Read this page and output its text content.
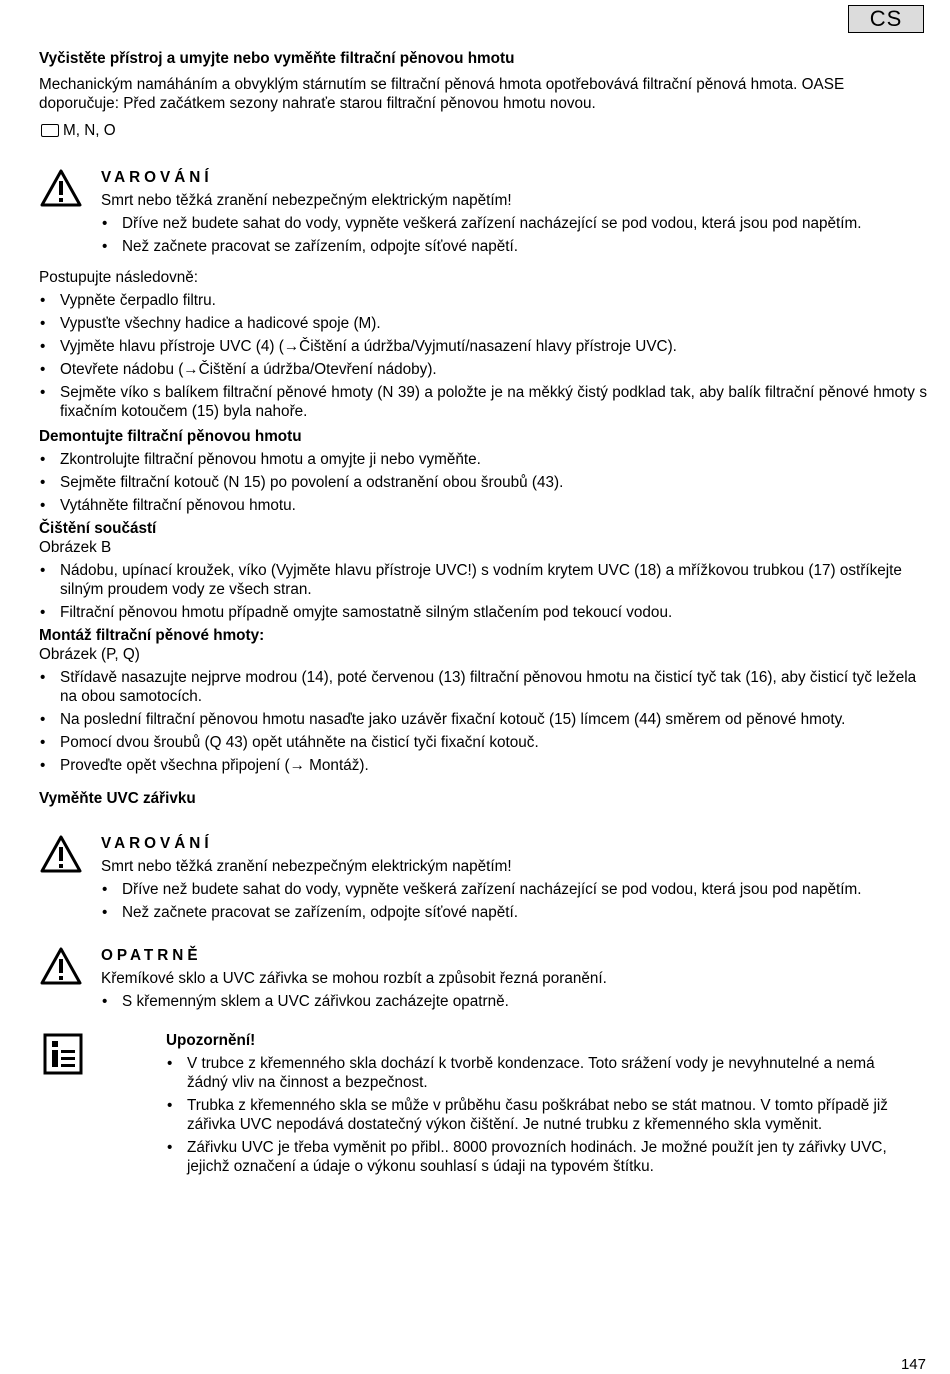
CS

Vyčistěte přístroj a umyjte nebo vyměňte filtrační pěnovou hmotu

Mechanickým namáháním a obvyklým stárnutím se filtrační pěnová hmota opotřebovává filtrační pěnová hmota. OASE doporučuje: Před začátkem sezony nahraťe starou filtrační pěnovou hmotu novou.

M, N, O
VAROVÁNÍ

Smrt nebo těžká zranění nebezpečným elektrickým napětím!

• Dříve než budete sahat do vody, vypněte veškerá zařízení nacházející se pod vodou, která jsou pod napětím.
• Než začnete pracovat se zařízením, odpojte síťové napětí.

Postupujte následovně:

• Vypněte čerpadlo filtru.
• Vypusťte všechny hadice a hadicové spoje (M).
• Vyjměte hlavu přístroje UVC (4) (→Čištění a údržba/Vyjmutí/nasazení hlavy přístroje UVC).
• Otevřete nádobu (→Čištění a údržba/Otevření nádoby).
• Sejměte víko s balíkem filtrační pěnové hmoty (N 39) a položte je na měkký čistý podklad tak, aby balík filtrační pěnové hmoty s fixačním kotoučem (15) byla nahoře.

Demontujte filtrační pěnovou hmotu

• Zkontrolujte filtrační pěnovou hmotu a omyjte ji nebo vyměňte.
• Sejměte filtrační kotouč (N 15) po povolení a odstranění obou šroubů (43).
• Vytáhněte filtrační pěnovou hmotu.

Čištění součástí

Obrázek B

• Nádobu, upínací kroužek, víko (Vyjměte hlavu přístroje UVC!) s vodním krytem UVC (18) a mřížkovou trubkou (17) ostříkejte silným proudem vody ze všech stran.
• Filtrační pěnovou hmotu případně omyjte samostatně silným stlačením pod tekoucí vodou.

Montáž filtrační pěnové hmoty:

Obrázek (P, Q)

• Střídavě nasazujte nejprve modrou (14), poté červenou (13) filtrační pěnovou hmotu na čisticí tyč tak (16), aby čisticí tyč ležela na obou samotocích.
• Na poslední filtrační pěnovou hmotu nasaďte jako uzávěr fixační kotouč (15) límcem (44) směrem od pěnové hmoty.
• Pomocí dvou šroubů (Q 43) opět utáhněte na čisticí tyči fixační kotouč.
• Proveďte opět všechna připojení (→ Montáž).

Vyměňte UVC zářivku

VAROVÁNÍ

Smrt nebo těžká zranění nebezpečným elektrickým napětím!

• Dříve než budete sahat do vody, vypněte veškerá zařízení nacházející se pod vodou, která jsou pod napětím.
• Než začnete pracovat se zařízením, odpojte síťové napětí.
OPATRNĚ

Křemíkové sklo a UVC zářivka se mohou rozbít a způsobit řezná poranění.

• S křemenným sklem a UVC zářivkou zacházejte opatrně.

Upozornění!

• V trubce z křemenného skla dochází k tvorbě kondenzace. Toto srážení vody je nevyhnutelné a nemá žádný vliv na činnost a bezpečnost.
• Trubka z křemenného skla se může v průběhu času poškrábat nebo se stát matnou. V tomto případě již zářivka UVC nepodává dostatečný výkon čištění. Je nutné trubku z křemenného skla vyměnit.
• Zářivku UVC je třeba vyměnit po přibl.. 8000 provozních hodinách. Je možné použít jen ty zářivky UVC, jejichž označení a údaje o výkonu souhlasí s údaji na typovém štítku.
147
